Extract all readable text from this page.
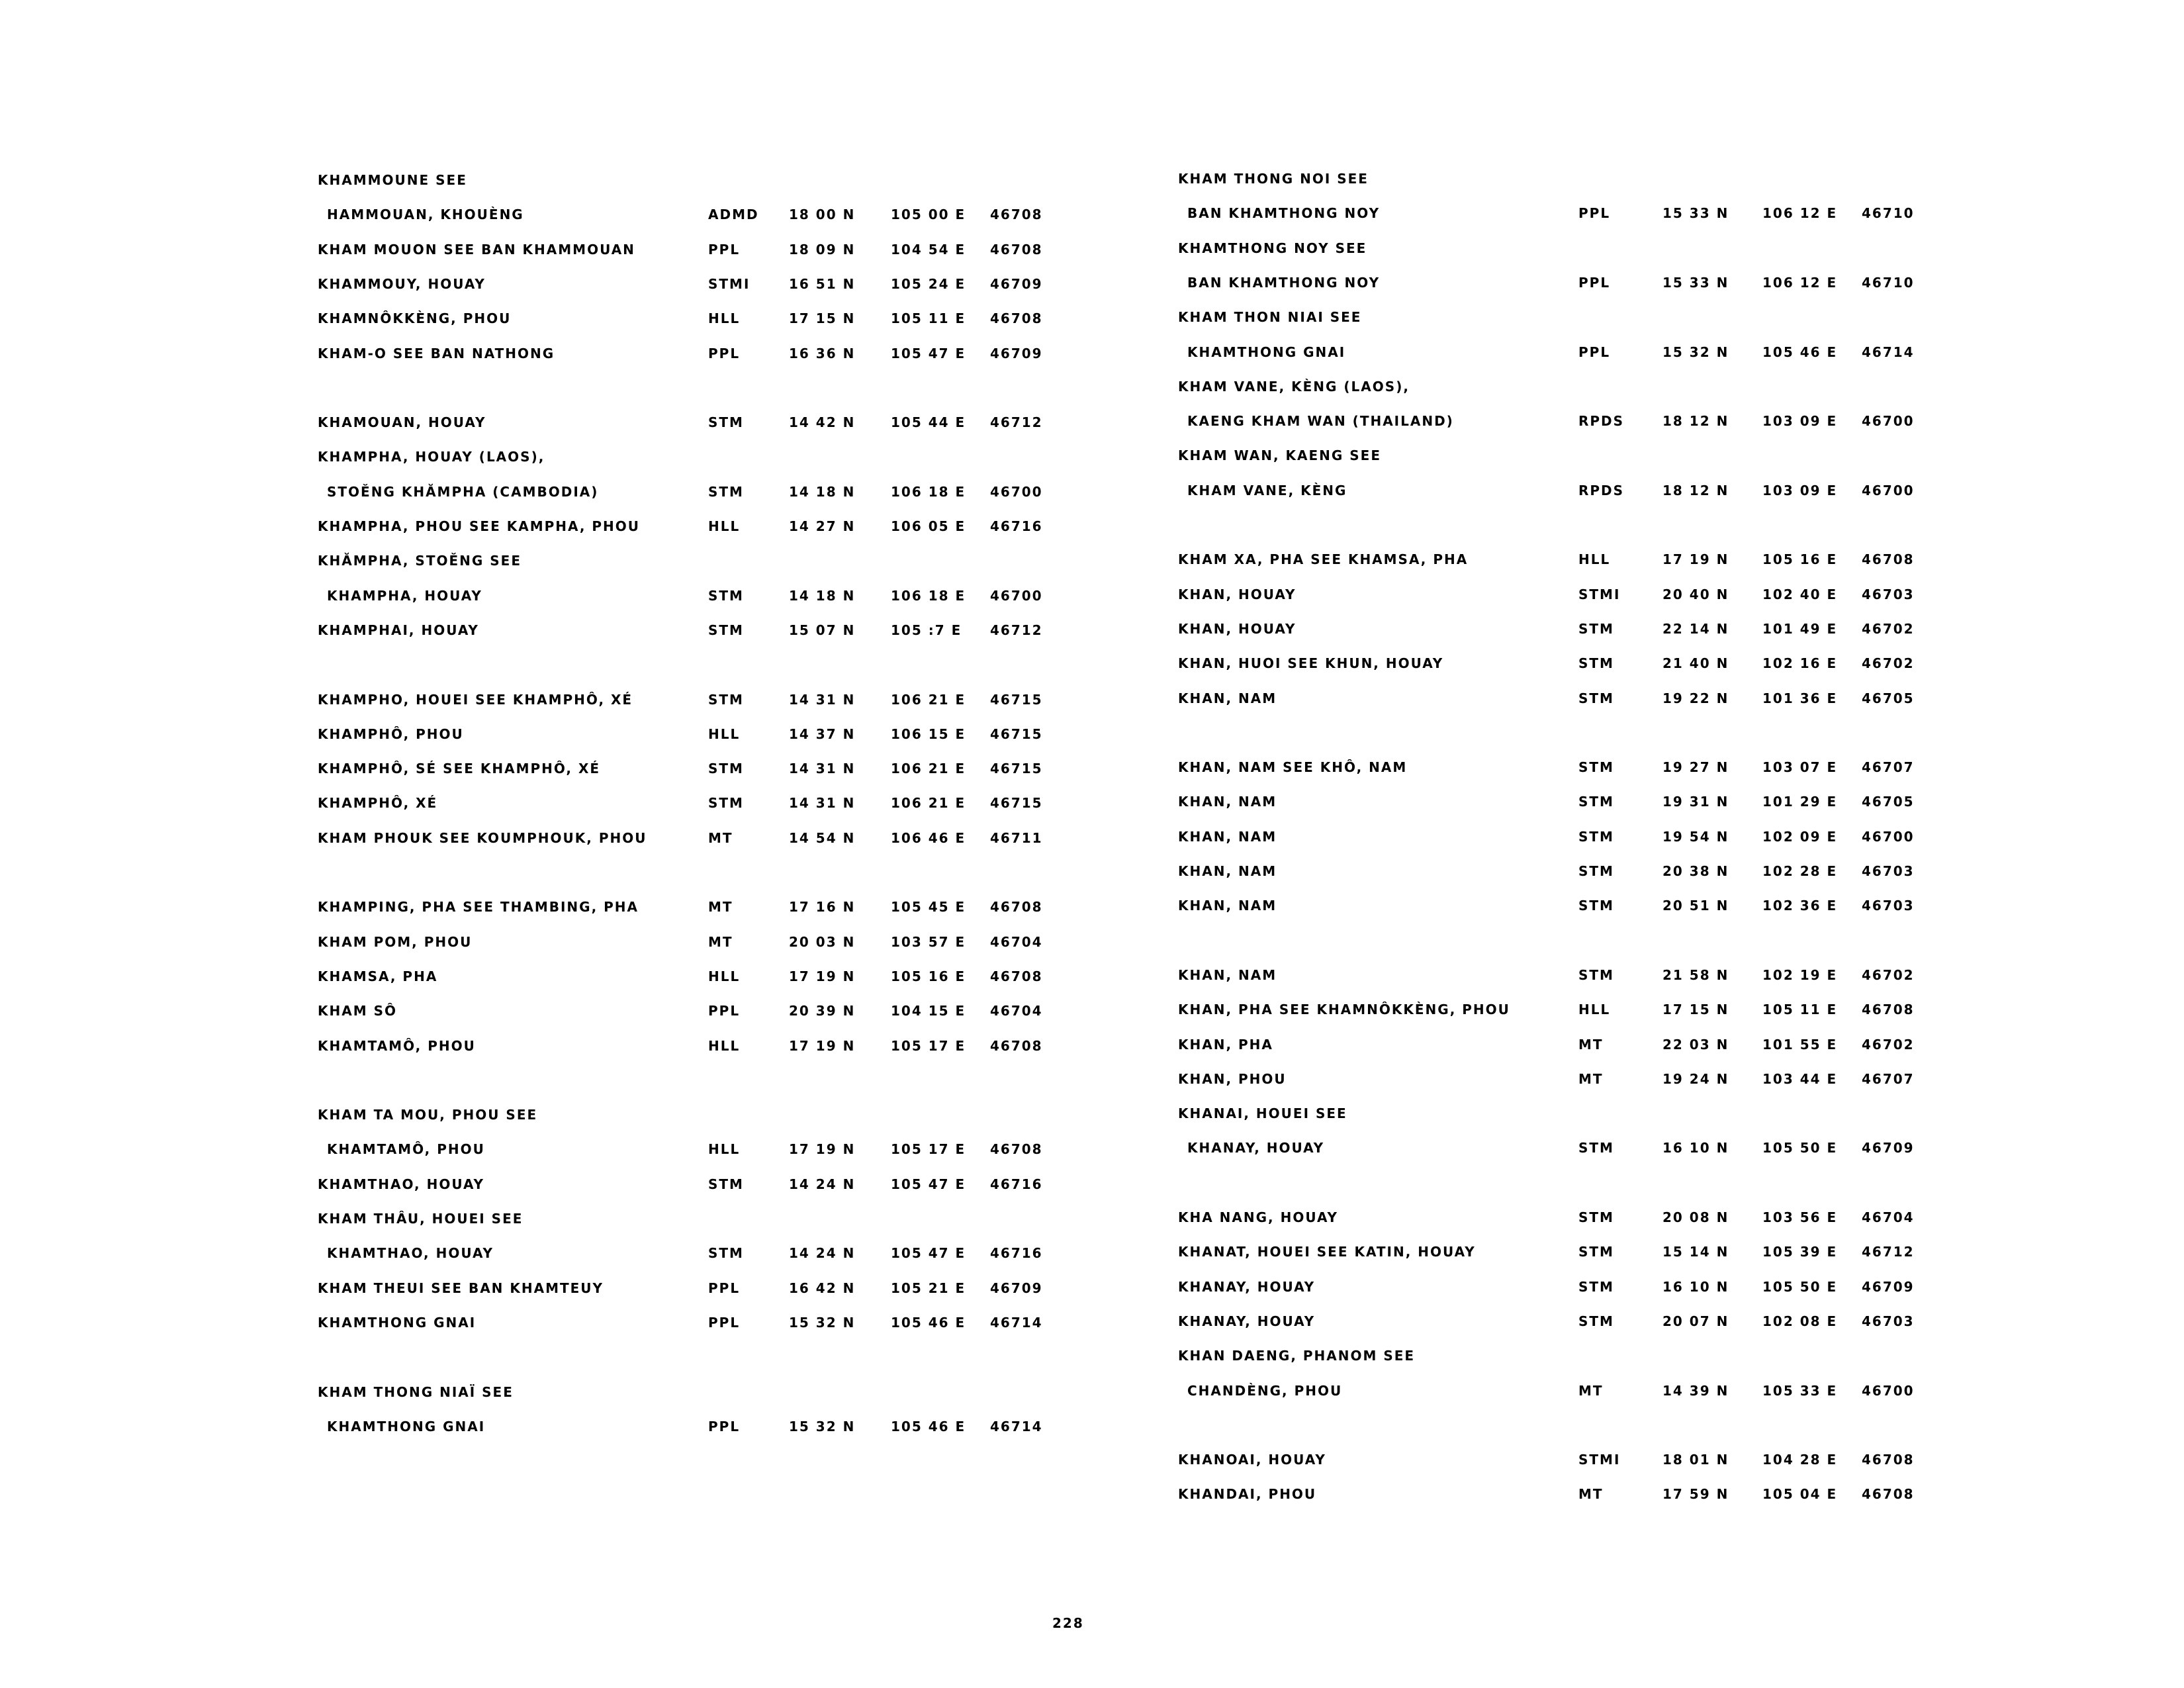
KHAMMOUNE SEE
HAMMOUAN, KHOUÈNG	ADMD 18 00 N	105 00 E 46708
KHAM MOUON SEE BAN KHAMMOUAN	PPL	18 09 N	104 54 E 46708
KHAMMOUY, HOUAY	STMI	16 51 N	105 24 E 46709
KHAMNÔKKÈNG, PHOU	HLL	17 15 N	105 11 E 46708
KHAM-O SEE BAN NATHONG	PPL	16 36 N	105 47 E 46709
KHAMOUAN, HOUAY	STM	14 42 N	105 44 E 46712
KHAMPHA, HOUAY (LAOS),
STOĚNG KHĂMPHA (CAMBODIA)	STM	14 18 N	106 18 E 46700
KHAMPHA, PHOU SEE KAMPHA, PHOU	HLL	14 27 N	106 05 E 46716
KHĂMPHA, STOĚNG SEE
KHAMPHA, HOUAY	STM	14 18 N	106 18 E 46700
KHAMPHAI, HOUAY	STM	15 07 N	105 :7 E 46712
KHAMPHO, HOUEI SEE KHAMPHÔ, XÉ	STM	14 31 N	106 21 E 46715
KHAMPHÔ, PHOU	HLL	14 37 N	106 15 E 46715
KHAMPHÔ, SÉ SEE KHAMPHÔ, XÉ	STM	14 31 N	106 21 E 46715
KHAMPHÔ, XÉ	STM	14 31 N	106 21 E 46715
KHAM PHOUK SEE KOUMPHOUK, PHOU	MT	14 54 N	106 46 E 46711
KHAMPING, PHA SEE THAMBING, PHA	MT	17 16 N	105 45 E 46708
KHAM POM, PHOU	MT	20 03 N	103 57 E 46704
KHAMSA, PHA	HLL	17 19 N	105 16 E 46708
KHAM SÔ	PPL	20 39 N	104 15 E 46704
KHAMTAMÔ, PHOU	HLL	17 19 N	105 17 E 46708
KHAM TA MOU, PHOU SEE
KHAMTAMÔ, PHOU	HLL	17 19 N	105 17 E 46708
KHAMTHAO, HOUAY	STM	14 24 N	105 47 E 46716
KHAM THÂU, HOUEI SEE
KHAMTHAO, HOUAY	STM	14 24 N	105 47 E 46716
KHAM THEUI SEE BAN KHAMTEUY	PPL	16 42 N	105 21 E 46709
KHAMTHONG GNAI	PPL	15 32 N	105 46 E 46714
KHAM THONG NIAÏ SEE
KHAMTHONG GNAI	PPL	15 32 N	105 46 E 46714
KHAM THONG NOI SEE
BAN KHAMTHONG NOY	PPL	15 33 N	106 12 E 46710
KHAMTHONG NOY SEE
BAN KHAMTHONG NOY	PPL	15 33 N	106 12 E 46710
KHAM THON NIAI SEE
KHAMTHONG GNAI	PPL	15 32 N	105 46 E 46714
KHAM VANE, KÈNG (LAOS),
KAENG KHAM WAN (THAILAND)	RPDS	18 12 N	103 09 E 46700
KHAM WAN, KAENG SEE
KHAM VANE, KÈNG	RPDS	18 12 N	103 09 E 46700
KHAM XA, PHA SEE KHAMSA, PHA	HLL	17 19 N	105 16 E 46708
KHAN, HOUAY	STMI	20 40 N	102 40 E 46703
KHAN, HOUAY	STM	22 14 N	101 49 E 46702
KHAN, HUOI SEE KHUN, HOUAY	STM	21 40 N	102 16 E 46702
KHAN, NAM	STM	19 22 N	101 36 E 46705
KHAN, NAM SEE KHÔ, NAM	STM	19 27 N	103 07 E 46707
KHAN, NAM	STM	19 31 N	101 29 E 46705
KHAN, NAM	STM	19 54 N	102 09 E 46700
KHAN, NAM	STM	20 38 N	102 28 E 46703
KHAN, NAM	STM	20 51 N	102 36 E 46703
KHAN, NAM	STM	21 58 N	102 19 E 46702
KHAN, PHA SEE KHAMNÔKKÈNG, PHOU	HLL	17 15 N	105 11 E 46708
KHAN, PHA	MT	22 03 N	101 55 E 46702
KHAN, PHOU	MT	19 24 N	103 44 E 46707
KHANAI, HOUEI SEE
KHANAY, HOUAY	STM	16 10 N	105 50 E 46709
KHA NANG, HOUAY	STM	20 08 N	103 56 E 46704
KHANAT, HOUEI SEE KATIN, HOUAY	STM	15 14 N	105 39 E 46712
KHANAY, HOUAY	STM	16 10 N	105 50 E 46709
KHANAY, HOUAY	STM	20 07 N	102 08 E 46703
KHAN DAENG, PHANOM SEE
CHANDÈNG, PHOU	MT	14 39 N	105 33 E 46700
KHANOAI, HOUAY	STMI	18 01 N	104 28 E 46708
KHANDAI, PHOU	MT	17 59 N	105 04 E 46708
228
